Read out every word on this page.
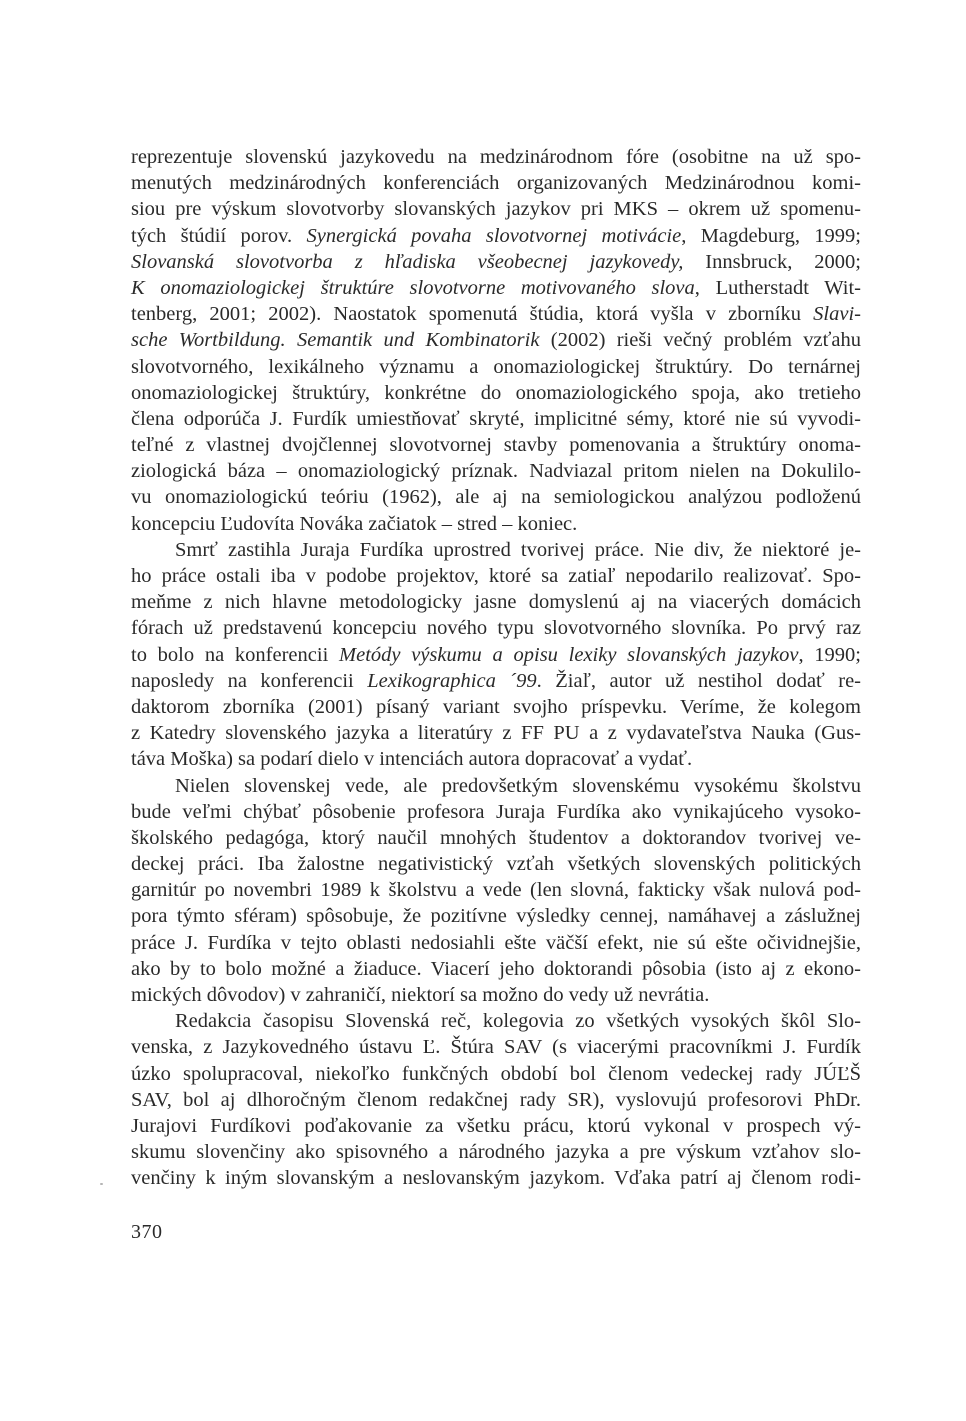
reprezentuje slovenskú jazykovedu na medzinárodnom fóre (osobitne na už spo-
menutých medzinárodných konferenciách organizovaných Medzinárodnou komi-
siou pre výskum slovotvorby slovanských jazykov pri MKS – okrem už spomenu-
tých štúdií porov. Synergická povaha slovotvornej motivácie, Magdeburg, 1999;
Slovanská slovotvorba z hľadiska všeobecnej jazykovedy, Innsbruck, 2000;
K onomaziologickej štruktúre slovotvorne motivovaného slova, Lutherstadt Wit-
tenberg, 2001; 2002). Naostatok spomenutá štúdia, ktorá vyšla v zborníku Slavi-
sche Wortbildung. Semantik und Kombinatorik (2002) rieši večný problém vzťahu
slovotvorného, lexikálneho významu a onomaziologickej štruktúry. Do ternárnej
onomaziologickej štruktúry, konkrétne do onomaziologického spoja, ako tretieho
člena odporúča J. Furdík umiestňovať skryté, implicitné sémy, ktoré nie sú vyvodi-
teľné z vlastnej dvojčlennej slovotvornej stavby pomenovania a štruktúry onoma-
ziologická báza – onomaziologický príznak. Nadviazal pritom nielen na Dokulilo-
vu onomaziologickú teóriu (1962), ale aj na semiologickou analýzou podloženú
koncepciu Ľudovíta Nováka začiatok – stred – koniec.
Smrť zastihla Juraja Furdíka uprostred tvorivej práce. Nie div, že niektoré je-
ho práce ostali iba v podobe projektov, ktoré sa zatiaľ nepodarilo realizovať. Spo-
meňme z nich hlavne metodologicky jasne domyslenú aj na viacerých domácich
fórach už predstavenú koncepciu nového typu slovotvorného slovníka. Po prvý raz
to bolo na konferencii Metódy výskumu a opisu lexiky slovanských jazykov, 1990;
naposledy na konferencii Lexikographica ´99. Žiaľ, autor už nestihol dodať re-
daktorom zborníka (2001) písaný variant svojho príspevku. Veríme, že kolegom
z Katedry slovenského jazyka a literatúry z FF PU a z vydavateľstva Nauka (Gus-
táva Moška) sa podarí dielo v intenciách autora dopracovať a vydať.
Nielen slovenskej vede, ale predovšetkým slovenskému vysokému školstvu
bude veľmi chýbať pôsobenie profesora Juraja Furdíka ako vynikajúceho vysoko-
školského pedagóga, ktorý naučil mnohých študentov a doktorandov tvorivej ve-
deckej práci. Iba žalostne negativistický vzťah všetkých slovenských politických
garnitúr po novembri 1989 k školstvu a vede (len slovná, fakticky však nulová pod-
pora týmto sféram) spôsobuje, že pozitívne výsledky cennej, namáhavej a záslužnej
práce J. Furdíka v tejto oblasti nedosiahli ešte väčší efekt, nie sú ešte očividnejšie,
ako by to bolo možné a žiaduce. Viacerí jeho doktorandi pôsobia (isto aj z ekono-
mických dôvodov) v zahraničí, niektorí sa možno do vedy už nevrátia.
Redakcia časopisu Slovenská reč, kolegovia zo všetkých vysokých škôl Slo-
venska, z Jazykovedného ústavu Ľ. Štúra SAV (s viacerými pracovníkmi J. Furdík
úzko spolupracoval, niekoľko funkčných období bol členom vedeckej rady JÚĽŠ
SAV, bol aj dlhoročným členom redakčnej rady SR), vyslovujú profesorovi PhDr.
Jurajovi Furdíkovi poďakovanie za všetku prácu, ktorú vykonal v prospech vý-
skumu slovenčiny ako spisovného a národného jazyka a pre výskum vzťahov slo-
venčiny k iným slovanským a neslovanským jazykom. Vďaka patrí aj členom rodi-
370
